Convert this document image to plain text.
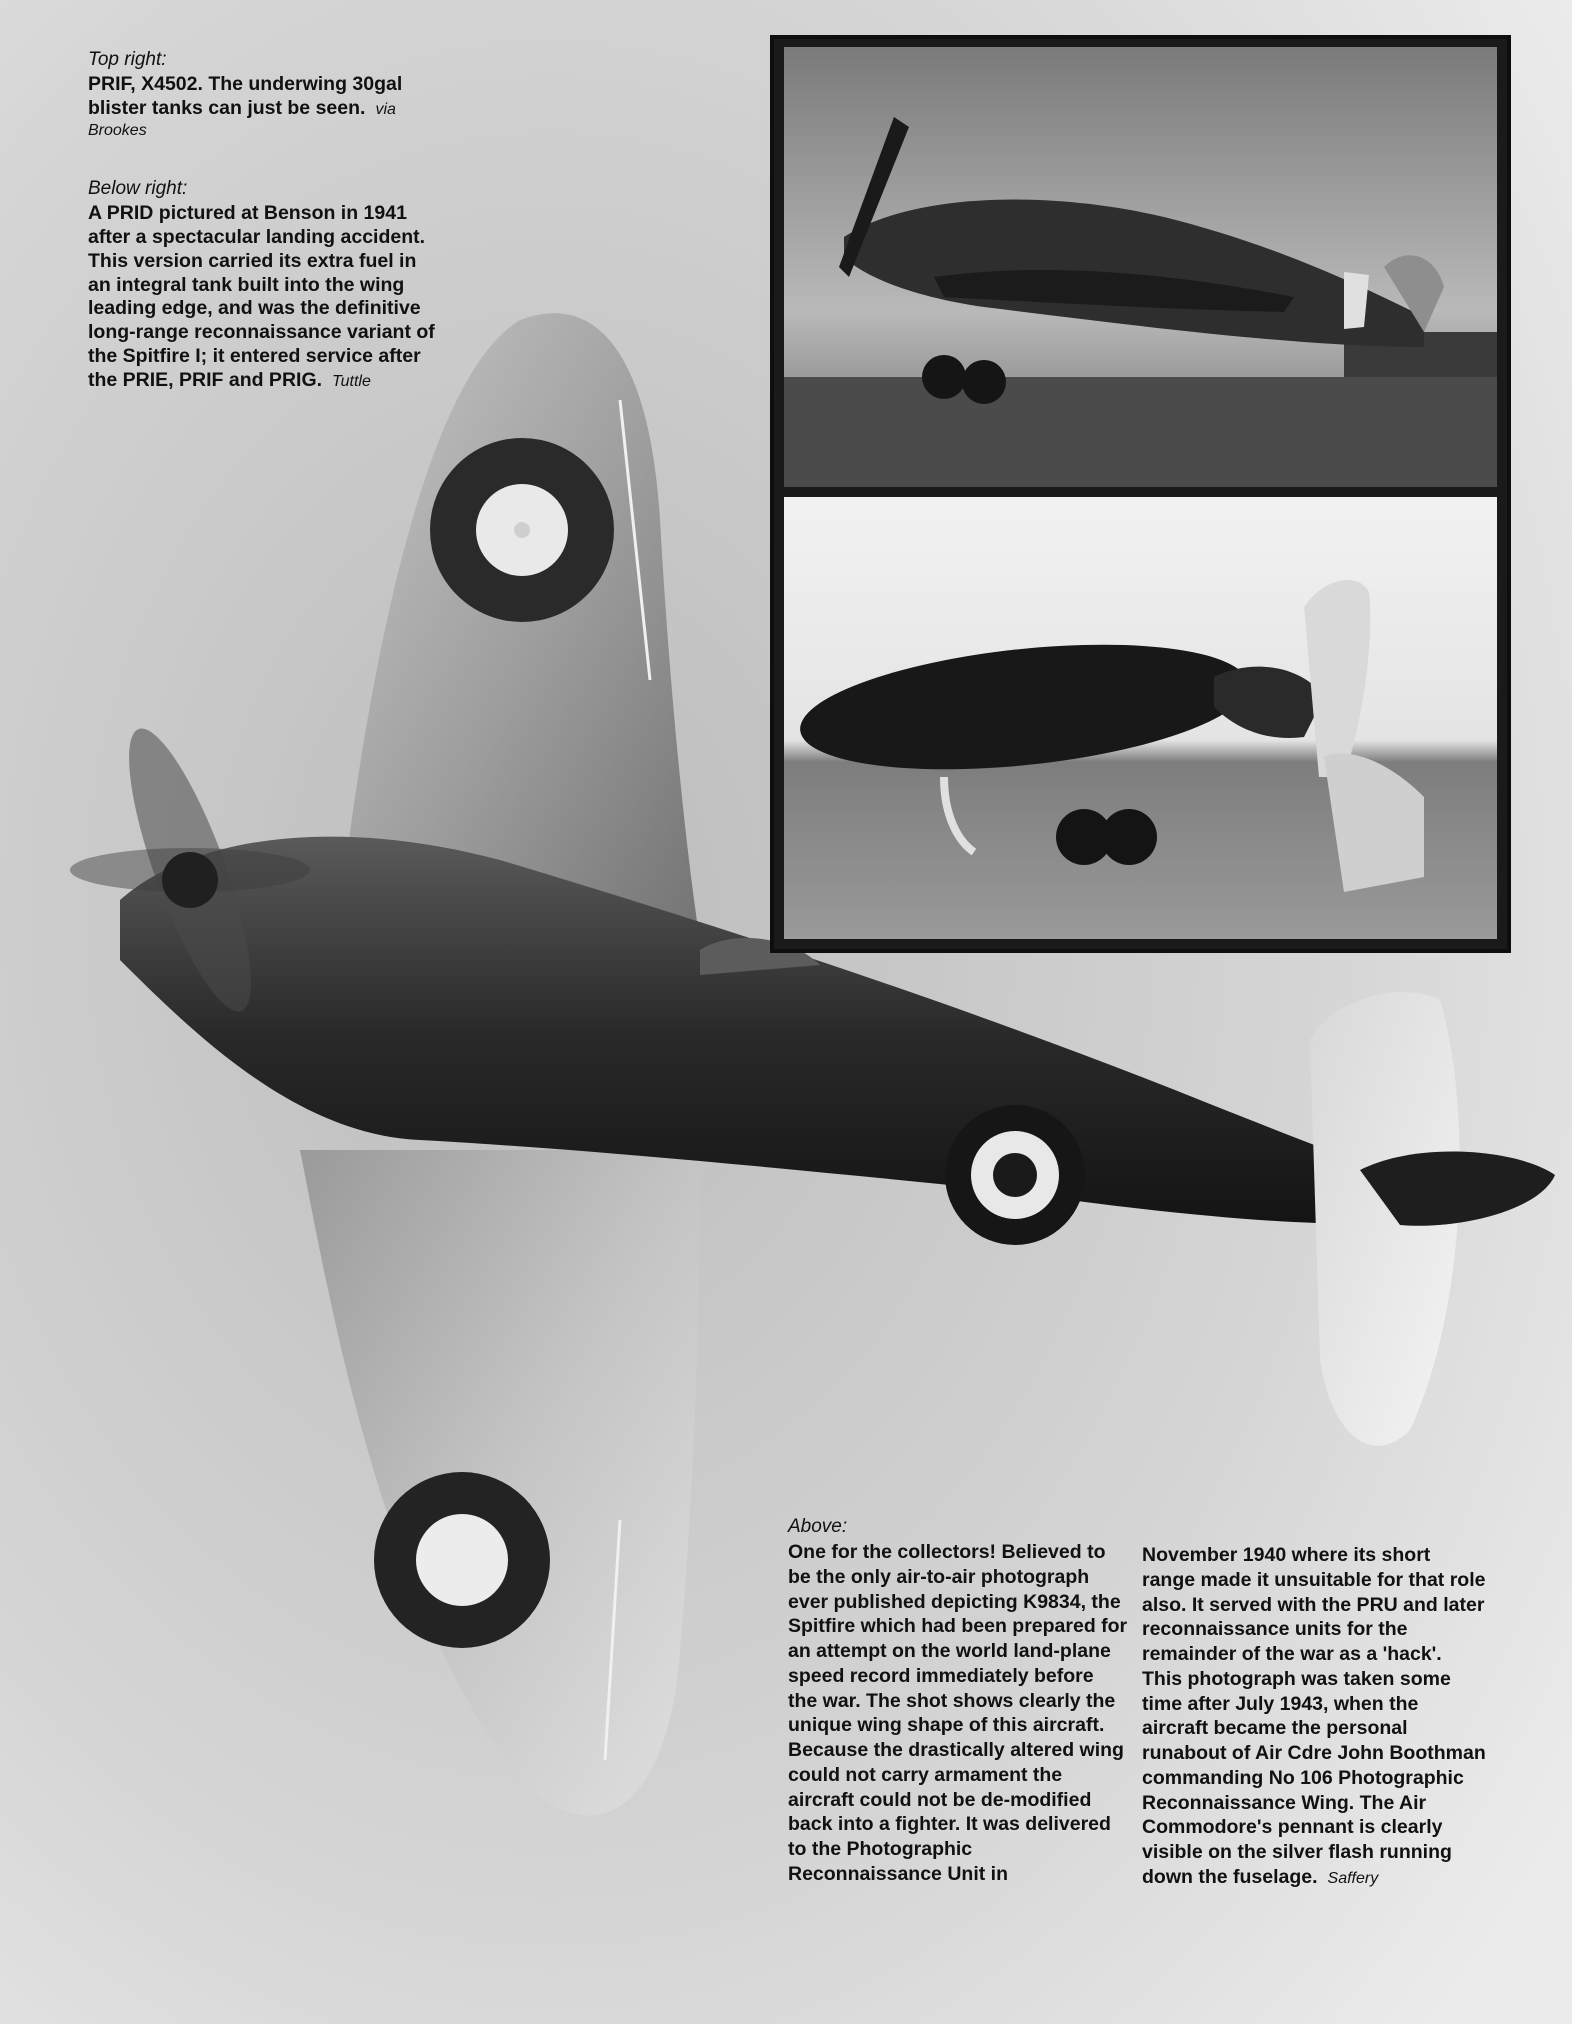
Top right:
PRIF, X4502. The underwing 30gal blister tanks can just be seen. via Brookes
Below right:
A PRID pictured at Benson in 1941 after a spectacular landing accident. This version carried its extra fuel in an integral tank built into the wing leading edge, and was the definitive long-range reconnaissance variant of the Spitfire I; it entered service after the PRIE, PRIF and PRIG. Tuttle
Above:
One for the collectors! Believed to be the only air-to-air photograph ever published depicting K9834, the Spitfire which had been prepared for an attempt on the world land-plane speed record immediately before the war. The shot shows clearly the unique wing shape of this aircraft. Because the drastically altered wing could not carry armament the aircraft could not be de-modified back into a fighter. It was delivered to the Photographic Reconnaissance Unit in
November 1940 where its short range made it unsuitable for that role also. It served with the PRU and later reconnaissance units for the remainder of the war as a 'hack'. This photograph was taken some time after July 1943, when the aircraft became the personal runabout of Air Cdre John Boothman commanding No 106 Photographic Reconnaissance Wing. The Air Commodore's pennant is clearly visible on the silver flash running down the fuselage. Saffery
